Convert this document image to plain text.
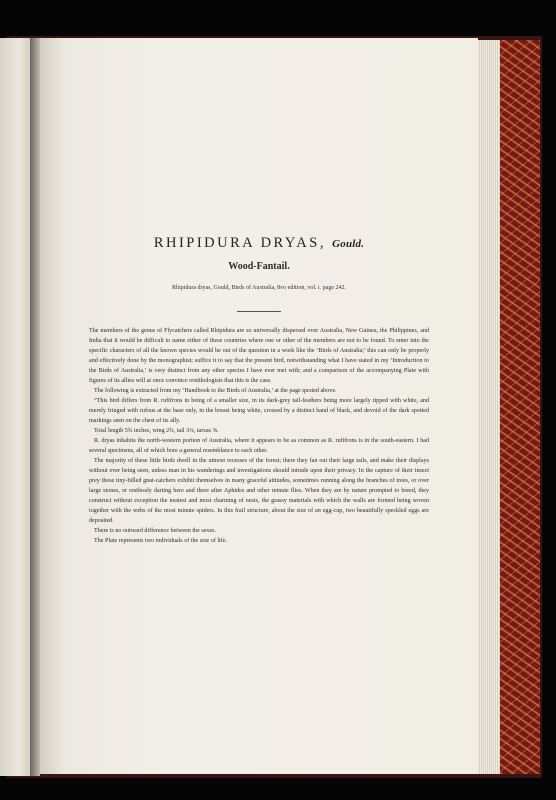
RHIPIDURA DRYAS, Gould.
Wood-Fantail.
Rhipidura dryas, Gould, Birds of Australia, 8vo edition, vol. i. page 242.

The members of the genus of Flycatchers called Rhipidura are so universally dispersed over Australia, New Guinea, the Philippines, and India that it would be difficult to name either of these countries where one or other of the members are not to be found. To enter into the specific characters of all the known species would be out of the question in a work like the ‘Birds of Australia;’ this can only be properly and effectively done by the monographist; suffice it to say that the present bird, notwithstanding what I have stated in my ‘Introduction to the Birds of Australia,’ is very distinct from any other species I have ever met with; and a comparison of the accompanying Plate with figures of its allies will at once convince ornithologists that this is the case.

The following is extracted from my ‘Handbook to the Birds of Australia,’ at the page quoted above.

“This bird differs from R. rufifrons in being of a smaller size, in its dark-grey tail-feathers being more largely tipped with white, and merely fringed with rufous at the base only, in the breast being white, crossed by a distinct band of black, and devoid of the dark spotted markings seen on the chest of its ally.

Total length 5¾ inches, wing 2¾, tail 3¼, tarsus ⅝.

R. dryas inhabits the north-western portion of Australia, where it appears to be as common as R. rufifrons is in the south-eastern. I had several specimens, all of which bore a general resemblance to each other.

The majority of these little birds dwell in the utmost recesses of the forest; there they fan out their large tails, and make their displays without ever being seen, unless man in his wanderings and investigations should intrude upon their privacy. In the capture of their insect prey these tiny-billed gnat-catchers exhibit themselves in many graceful attitudes, sometimes running along the branches of trees, or over large stones, or restlessly darting here and there after Aphides and other minute flies. When they are by nature prompted to breed, they construct without exception the neatest and most charming of nests, the grassy materials with which the walls are formed being woven together with the webs of the most minute spiders. In this frail structure, about the size of an egg-cup, two beautifully speckled eggs are deposited.

There is no outward difference between the sexes.

The Plate represents two individuals of the size of life.
